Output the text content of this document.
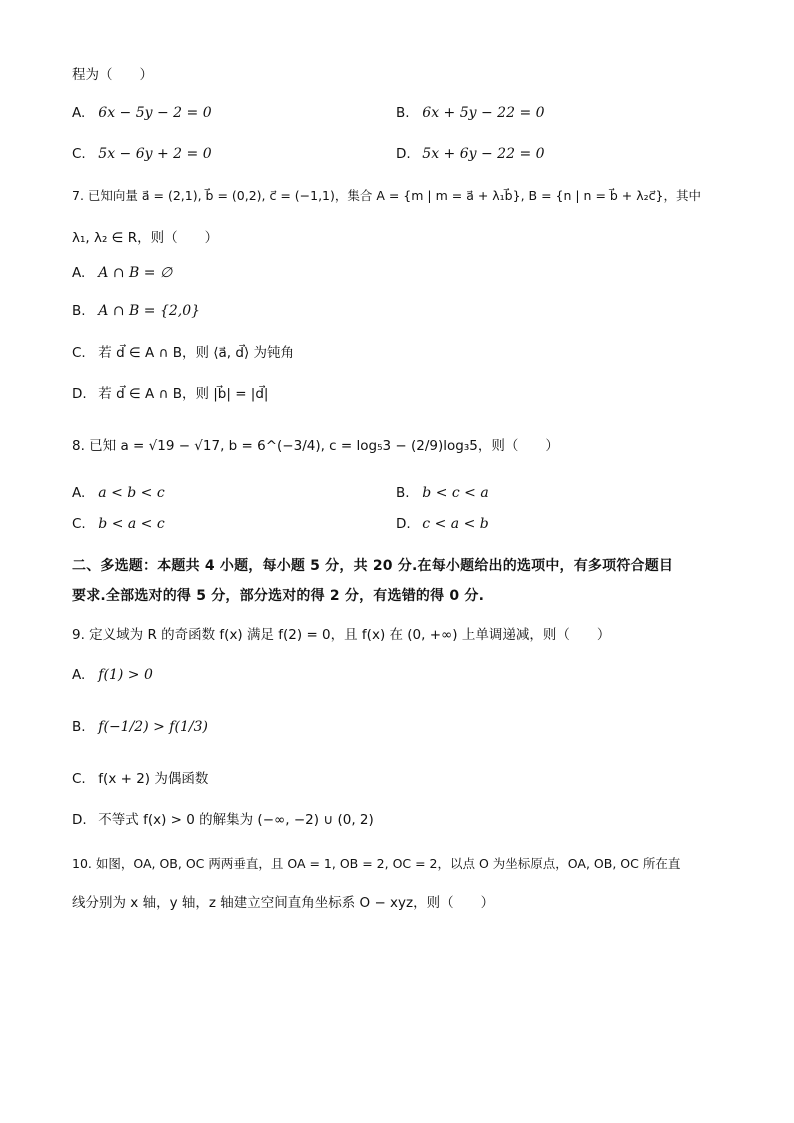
程为（　　）
A. 6x − 5y − 2 = 0	B. 6x + 5y − 22 = 0
C. 5x − 6y + 2 = 0	D. 5x + 6y − 22 = 0
7. 已知向量 a⃗ = (2,1), b⃗ = (0,2), c⃗ = (−1,1)，集合 A = {m | m = a⃗ + λ₁b⃗}, B = {n | n = b⃗ + λ₂c⃗}，其中
λ₁, λ₂ ∈ R，则（　　）
A. A ∩ B = ∅
B. A ∩ B = {2,0}
C. 若 d⃗ ∈ A ∩ B，则 ⟨a⃗, d⃗⟩ 为钝角
D. 若 d⃗ ∈ A ∩ B，则 |b⃗| = |d⃗|
8. 已知 a = √19 − √17, b = 6^(−3/4), c = log₅3 − (2/9)log₃5，则（　　）
A. a < b < c	B. b < c < a
C. b < a < c	D. c < a < b
二、多选题：本题共 4 小题，每小题 5 分，共 20 分.在每小题给出的选项中，有多项符合题目
要求.全部选对的得 5 分，部分选对的得 2 分，有选错的得 0 分.
9. 定义域为 R 的奇函数 f(x) 满足 f(2) = 0，且 f(x) 在 (0, +∞) 上单调递减，则（　　）
A. f(1) > 0
B. f(−1/2) > f(1/3)
C. f(x + 2) 为偶函数
D. 不等式 f(x) > 0 的解集为 (−∞, −2) ∪ (0, 2)
10. 如图，OA, OB, OC 两两垂直，且 OA = 1, OB = 2, OC = 2，以点 O 为坐标原点，OA, OB, OC 所在直
线分别为 x 轴，y 轴，z 轴建立空间直角坐标系 O − xyz，则（　　）
